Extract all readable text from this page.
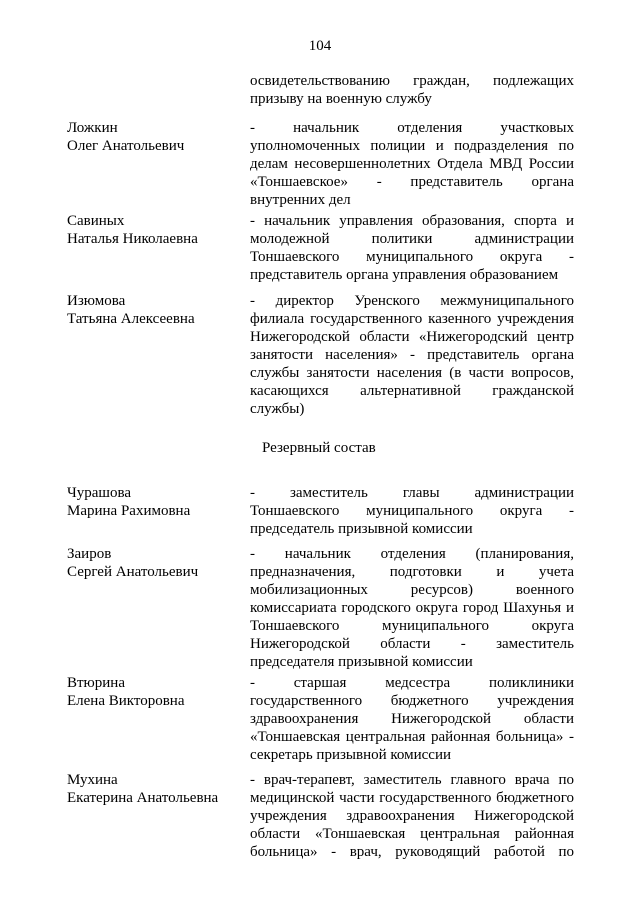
104
освидетельствованию граждан, подлежащих
призыву на военную службу
Ложкин
Олег Анатольевич
- начальник отделения участковых
уполномоченных полиции и подразделения по
делам несовершеннолетних Отдела МВД России
«Тоншаевское» - представитель органа
внутренних дел
Савиных
Наталья Николаевна
- начальник управления образования, спорта и
молодежной политики администрации
Тоншаевского муниципального округа -
представитель органа управления образованием
Изюмова
Татьяна Алексеевна
- директор Уренского межмуниципального
филиала государственного казенного учреждения
Нижегородской области «Нижегородский центр
занятости населения» - представитель органа
службы занятости населения (в части вопросов,
касающихся альтернативной гражданской
службы)
Резервный состав
Чурашова
Марина Рахимовна
- заместитель главы администрации
Тоншаевского муниципального округа -
председатель призывной комиссии
Заиров
Сергей Анатольевич
- начальник отделения (планирования,
предназначения, подготовки и учета
мобилизационных ресурсов) военного
комиссариата городского округа город Шахунья и
Тоншаевского муниципального округа
Нижегородской области - заместитель
председателя призывной комиссии
Втюрина
Елена Викторовна
- старшая медсестра поликлиники
государственного бюджетного учреждения
здравоохранения Нижегородской области
«Тоншаевская центральная районная больница» -
секретарь призывной комиссии
Мухина
Екатерина Анатольевна
- врач-терапевт, заместитель главного врача по
медицинской части государственного бюджетного
учреждения здравоохранения Нижегородской
области «Тоншаевская центральная районная
больница» - врач, руководящий работой по
